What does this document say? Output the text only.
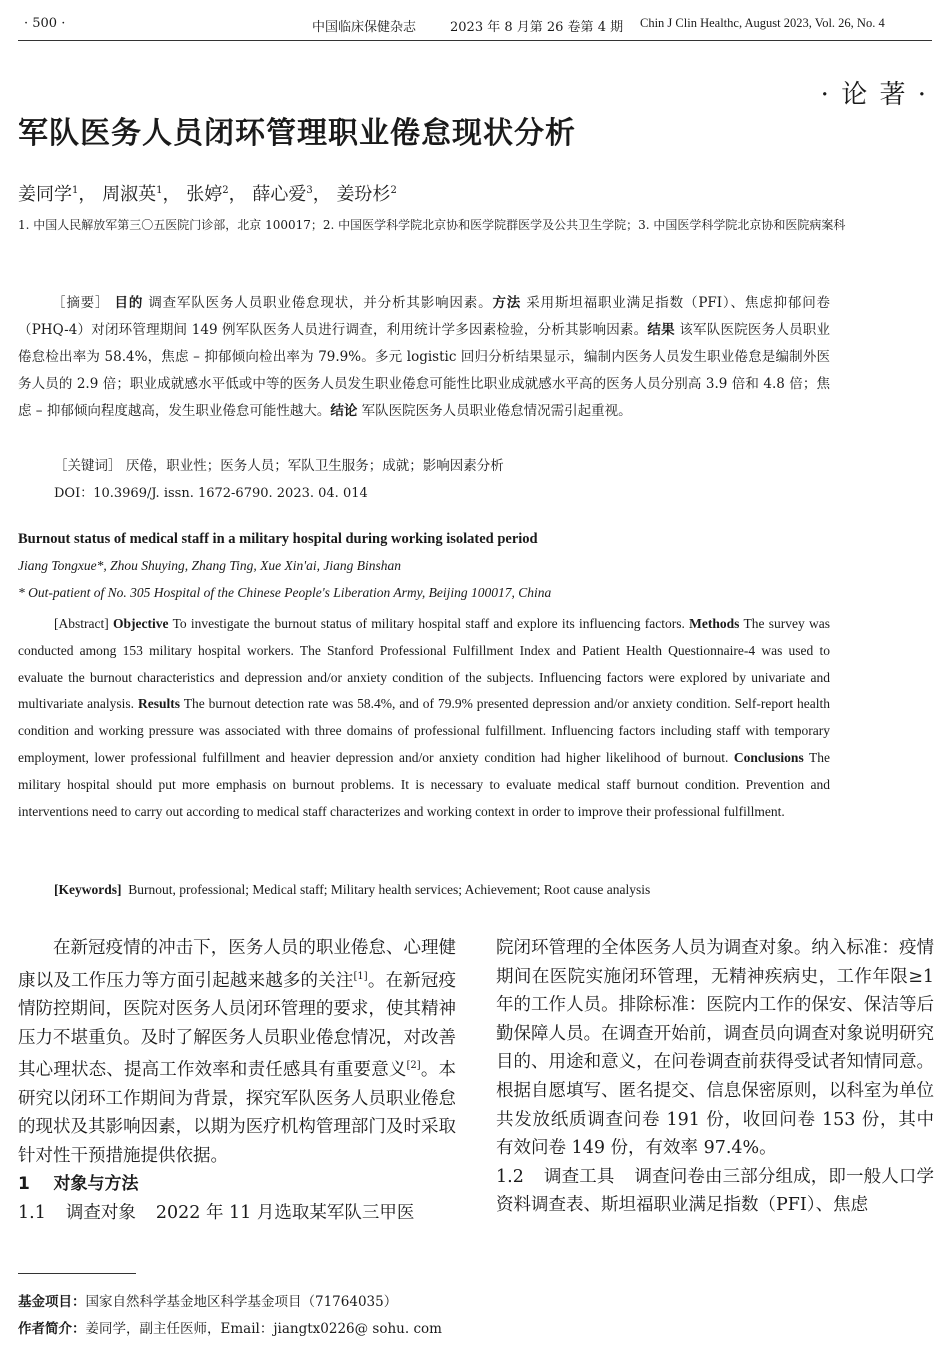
· 500 ·	中国临床保健杂志	2023 年 8 月第 26 卷第 4 期 Chin J Clin Healthc, August 2023, Vol. 26, No. 4
· 论 著 ·
军队医务人员闭环管理职业倦怠现状分析
姜同学$^1$， 周淑英$^1$， 张婷$^2$， 薛心爱$^3$， 姜玢杉$^2$
1. 中国人民解放军第三〇五医院门诊部，北京 100017；2. 中国医学科学院北京协和医学院群医学及公共卫生学院；3. 中国医学科学院北京协和医院病案科
［摘要］ 目的 调查军队医务人员职业倦怠现状，并分析其影响因素。方法 采用斯坦福职业满足指数（PFI）、焦虑抑郁问卷（PHQ-4）对闭环管理期间 149 例军队医务人员进行调查，利用统计学多因素检验，分析其影响因素。结果 该军队医院医务人员职业倦怠检出率为 58.4%，焦虑 – 抑郁倾向检出率为 79.9%。多元 logistic 回归分析结果显示，编制内医务人员发生职业倦怠是编制外医务人员的 2.9 倍；职业成就感水平低或中等的医务人员发生职业倦怠可能性比职业成就感水平高的医务人员分别高 3.9 倍和 4.8 倍；焦虑 – 抑郁倾向程度越高，发生职业倦怠可能性越大。结论 军队医院医务人员职业倦怠情况需引起重视。
［关键词］ 厌倦，职业性；医务人员；军队卫生服务；成就；影响因素分析
DOI：10.3969/J. issn. 1672-6790. 2023. 04. 014
Burnout status of medical staff in a military hospital during working isolated period
Jiang Tongxue*, Zhou Shuying, Zhang Ting, Xue Xin'ai, Jiang Binshan
* Out-patient of No. 305 Hospital of the Chinese People's Liberation Army, Beijing 100017, China
[Abstract] Objective To investigate the burnout status of military hospital staff and explore its influencing factors. Methods The survey was conducted among 153 military hospital workers. The Stanford Professional Fulfillment Index and Patient Health Questionnaire-4 was used to evaluate the burnout characteristics and depression and/or anxiety condition of the subjects. Influencing factors were explored by univariate and multivariate analysis. Results The burnout detection rate was 58.4%, and of 79.9% presented depression and/or anxiety condition. Self-report health condition and working pressure was associated with three domains of professional fulfillment. Influencing factors including staff with temporary employment, lower professional fulfillment and heavier depression and/or anxiety condition had higher likelihood of burnout. Conclusions The military hospital should put more emphasis on burnout problems. It is necessary to evaluate medical staff burnout condition. Prevention and interventions need to carry out according to medical staff characterizes and working context in order to improve their professional fulfillment.
[Keywords] Burnout, professional; Medical staff; Military health services; Achievement; Root cause analysis

在新冠疫情的冲击下，医务人员的职业倦怠、心理健康以及工作压力等方面引起越来越多的关注[1]。在新冠疫情防控期间，医院对医务人员闭环管理的要求，使其精神压力不堪重负。及时了解医务人员职业倦怠情况，对改善其心理状态、提高工作效率和责任感具有重要意义[2]。本研究以闭环工作期间为背景，探究军队医务人员职业倦怠的现状及其影响因素，以期为医疗机构管理部门及时采取针对性干预措施提供依据。

1 对象与方法

1.1 调查对象 2022 年 11 月选取某军队三甲医

院闭环管理的全体医务人员为调查对象。纳入标准：疫情期间在医院实施闭环管理，无精神疾病史，工作年限≥1 年的工作人员。排除标准：医院内工作的保安、保洁等后勤保障人员。在调查开始前，调查员向调查对象说明研究目的、用途和意义，在问卷调查前获得受试者知情同意。根据自愿填写、匿名提交、信息保密原则，以科室为单位共发放纸质调查问卷 191 份，收回问卷 153 份，其中有效问卷 149 份，有效率 97.4%。

1.2 调查工具 调查问卷由三部分组成，即一般人口学资料调查表、斯坦福职业满足指数（PFI）、焦虑

基金项目：国家自然科学基金地区科学基金项目（71764035）
作者简介：姜同学，副主任医师，Email：jiangtx0226@ sohu. com
